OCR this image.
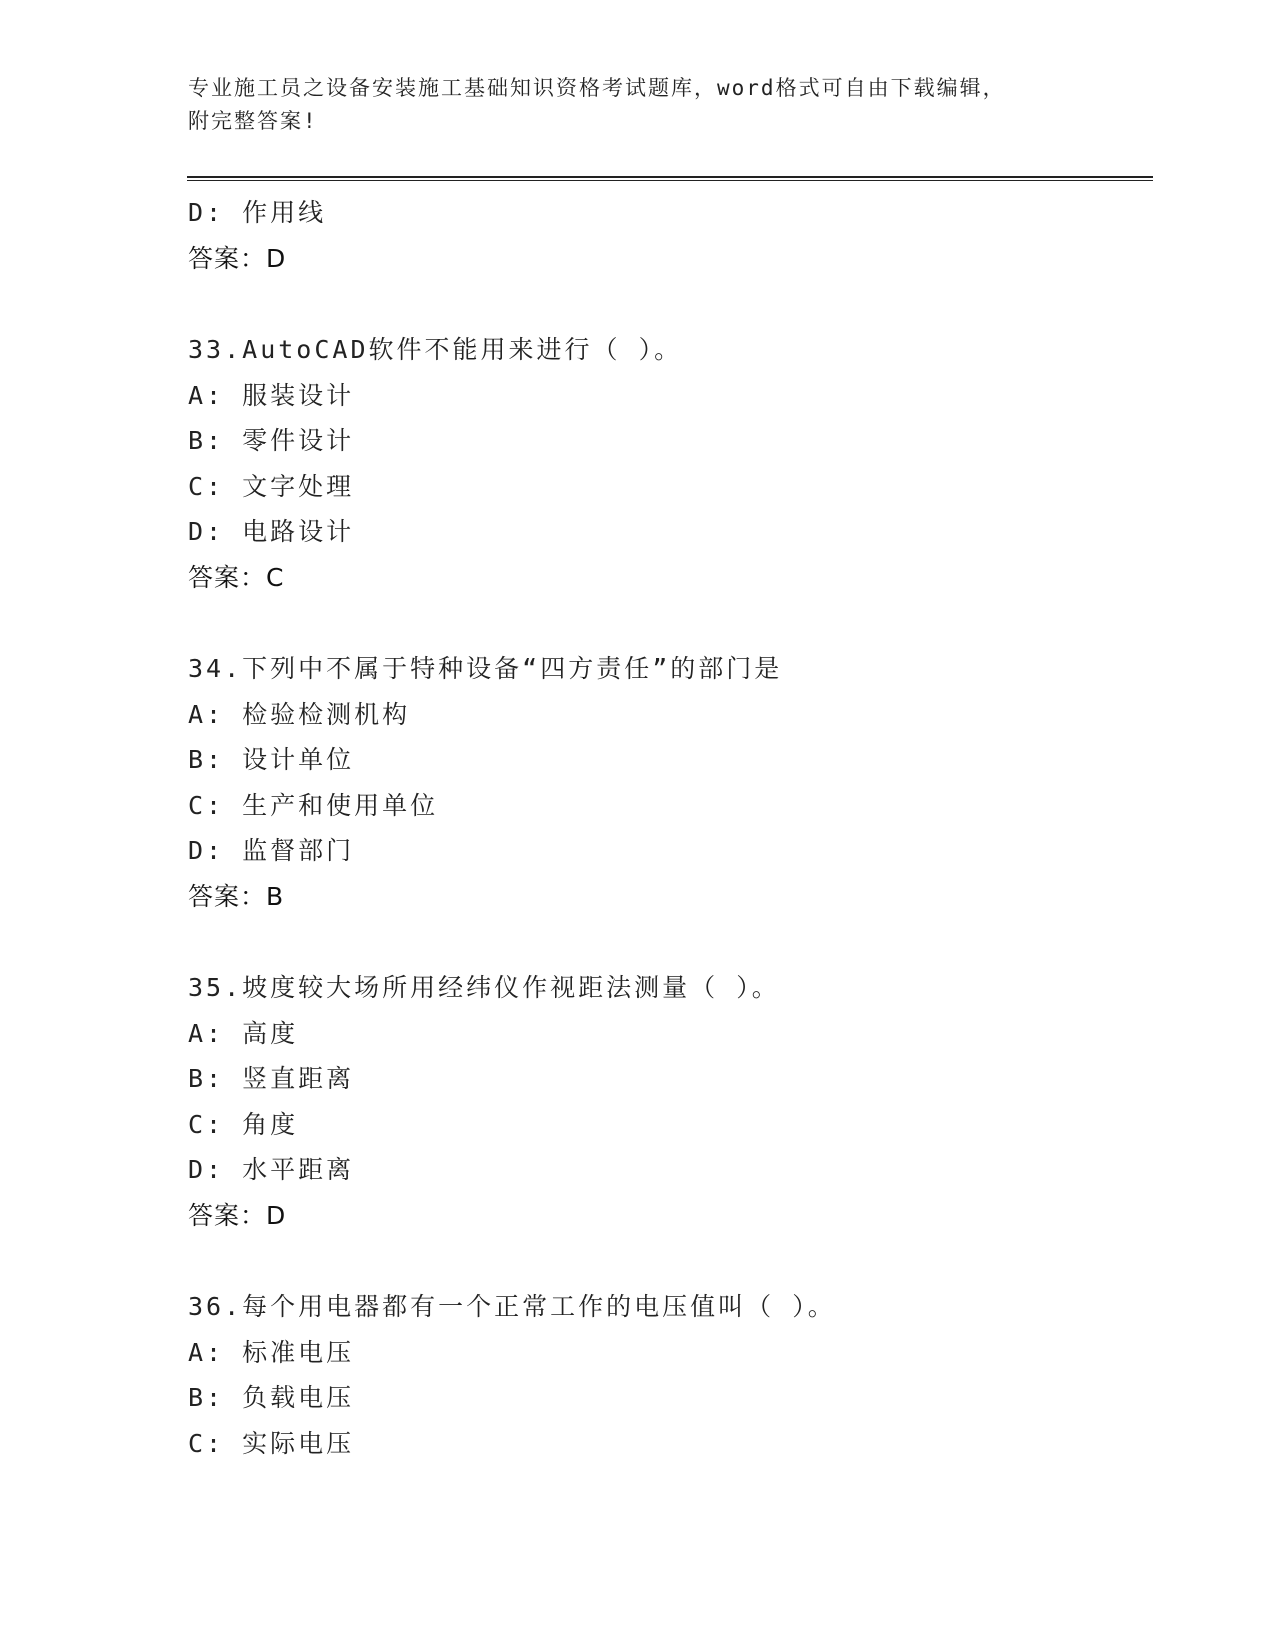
专业施工员之设备安装施工基础知识资格考试题库，word格式可自由下载编辑，
附完整答案!
D: 作用线
答案：D
33.AutoCAD软件不能用来进行（ ）。
A: 服装设计
B: 零件设计
C: 文字处理
D: 电路设计
答案：C
34.下列中不属于特种设备“四方责任”的部门是
A: 检验检测机构
B: 设计单位
C: 生产和使用单位
D: 监督部门
答案：B
35.坡度较大场所用经纬仪作视距法测量（ ）。
A: 高度
B: 竖直距离
C: 角度
D: 水平距离
答案：D
36.每个用电器都有一个正常工作的电压值叫（ ）。
A: 标准电压
B: 负载电压
C: 实际电压
